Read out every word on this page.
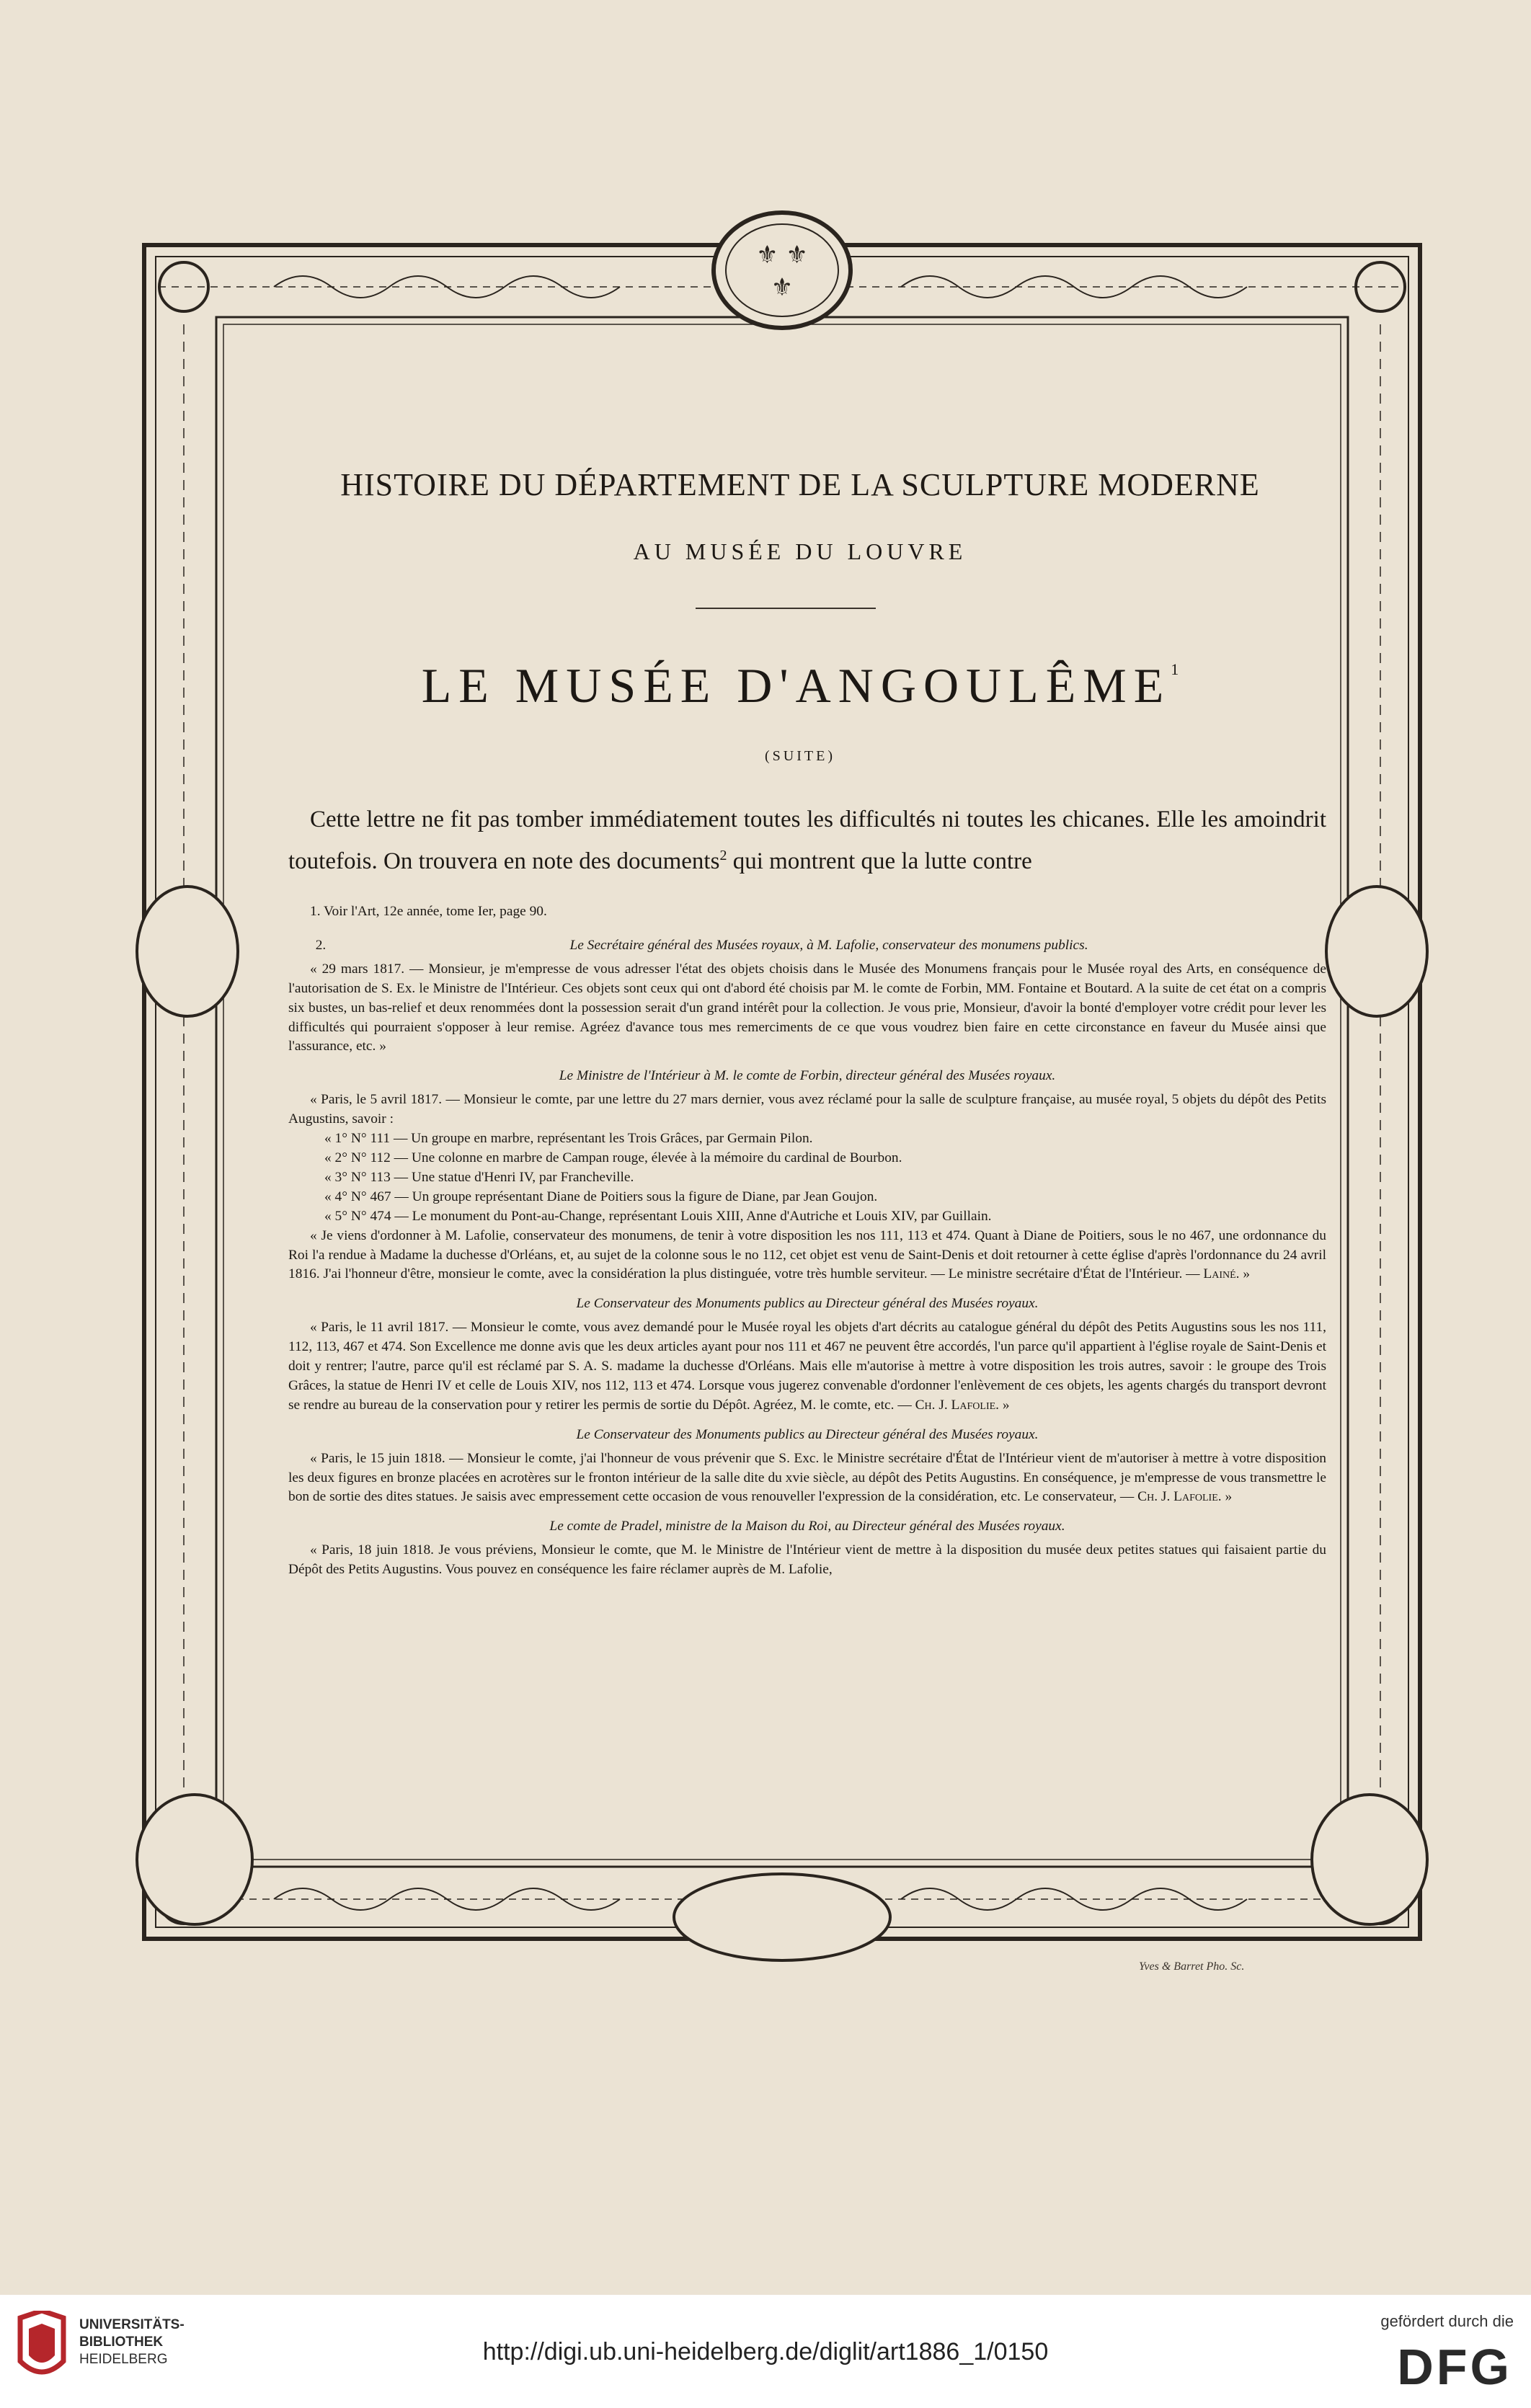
⚜ ⚜
⚜
HISTOIRE DU DÉPARTEMENT DE LA SCULPTURE MODERNE
AU MUSÉE DU LOUVRE
LE MUSÉE D'ANGOULÊME$^1$
(SUITE)

Cette lettre ne fit pas tomber immédiatement toutes les difficultés ni toutes les chicanes. Elle les amoindrit toutefois. On trouvera en note des documents$^2$ qui montrent que la lutte contre

1. Voir l'Art, 12e année, tome Ier, page 90.

2.	Le Secrétaire général des Musées royaux, à M. Lafolie, conservateur des monumens publics.

« 29 mars 1817. — Monsieur, je m'empresse de vous adresser l'état des objets choisis dans le Musée des Monumens français pour le Musée royal des Arts, en conséquence de l'autorisation de S. Ex. le Ministre de l'Intérieur. Ces objets sont ceux qui ont d'abord été choisis par M. le comte de Forbin, MM. Fontaine et Boutard. A la suite de cet état on a compris six bustes, un bas-relief et deux renommées dont la possession serait d'un grand intérêt pour la collection. Je vous prie, Monsieur, d'avoir la bonté d'employer votre crédit pour lever les difficultés qui pourraient s'opposer à leur remise. Agréez d'avance tous mes remerciments de ce que vous voudrez bien faire en cette circonstance en faveur du Musée ainsi que l'assurance, etc. »

Le Ministre de l'Intérieur à M. le comte de Forbin, directeur général des Musées royaux.

« Paris, le 5 avril 1817. — Monsieur le comte, par une lettre du 27 mars dernier, vous avez réclamé pour la salle de sculpture française, au musée royal, 5 objets du dépôt des Petits Augustins, savoir :

« 1° N° 111 — Un groupe en marbre, représentant les Trois Grâces, par Germain Pilon.

« 2° N° 112 — Une colonne en marbre de Campan rouge, élevée à la mémoire du cardinal de Bourbon.

« 3° N° 113 — Une statue d'Henri IV, par Francheville.

« 4° N° 467 — Un groupe représentant Diane de Poitiers sous la figure de Diane, par Jean Goujon.

« 5° N° 474 — Le monument du Pont-au-Change, représentant Louis XIII, Anne d'Autriche et Louis XIV, par Guillain.

« Je viens d'ordonner à M. Lafolie, conservateur des monumens, de tenir à votre disposition les nos 111, 113 et 474. Quant à Diane de Poitiers, sous le no 467, une ordonnance du Roi l'a rendue à Madame la duchesse d'Orléans, et, au sujet de la colonne sous le no 112, cet objet est venu de Saint-Denis et doit retourner à cette église d'après l'ordonnance du 24 avril 1816. J'ai l'honneur d'être, monsieur le comte, avec la considération la plus distinguée, votre très humble serviteur. — Le ministre secrétaire d'État de l'Intérieur. — Lainé. »

Le Conservateur des Monuments publics au Directeur général des Musées royaux.

« Paris, le 11 avril 1817. — Monsieur le comte, vous avez demandé pour le Musée royal les objets d'art décrits au catalogue général du dépôt des Petits Augustins sous les nos 111, 112, 113, 467 et 474. Son Excellence me donne avis que les deux articles ayant pour nos 111 et 467 ne peuvent être accordés, l'un parce qu'il appartient à l'église royale de Saint-Denis et doit y rentrer; l'autre, parce qu'il est réclamé par S. A. S. madame la duchesse d'Orléans. Mais elle m'autorise à mettre à votre disposition les trois autres, savoir : le groupe des Trois Grâces, la statue de Henri IV et celle de Louis XIV, nos 112, 113 et 474. Lorsque vous jugerez convenable d'ordonner l'enlèvement de ces objets, les agents chargés du transport devront se rendre au bureau de la conservation pour y retirer les permis de sortie du Dépôt. Agréez, M. le comte, etc. — Ch. J. Lafolie. »

Le Conservateur des Monuments publics au Directeur général des Musées royaux.

« Paris, le 15 juin 1818. — Monsieur le comte, j'ai l'honneur de vous prévenir que S. Exc. le Ministre secrétaire d'État de l'Intérieur vient de m'autoriser à mettre à votre disposition les deux figures en bronze placées en acrotères sur le fronton intérieur de la salle dite du xvie siècle, au dépôt des Petits Augustins. En conséquence, je m'empresse de vous transmettre le bon de sortie des dites statues. Je saisis avec empressement cette occasion de vous renouveller l'expression de la considération, etc. Le conservateur, — Ch. J. Lafolie. »

Le comte de Pradel, ministre de la Maison du Roi, au Directeur général des Musées royaux.

« Paris, 18 juin 1818. Je vous préviens, Monsieur le comte, que M. le Ministre de l'Intérieur vient de mettre à la disposition du musée deux petites statues qui faisaient partie du Dépôt des Petits Augustins. Vous pouvez en conséquence les faire réclamer auprès de M. Lafolie,

Yves & Barret Pho. Sc.
UNIVERSITÄTS-
BIBLIOTHEK
HEIDELBERG	http://digi.ub.uni-heidelberg.de/diglit/art1886_1/0150
gefördert durch die
DFG
